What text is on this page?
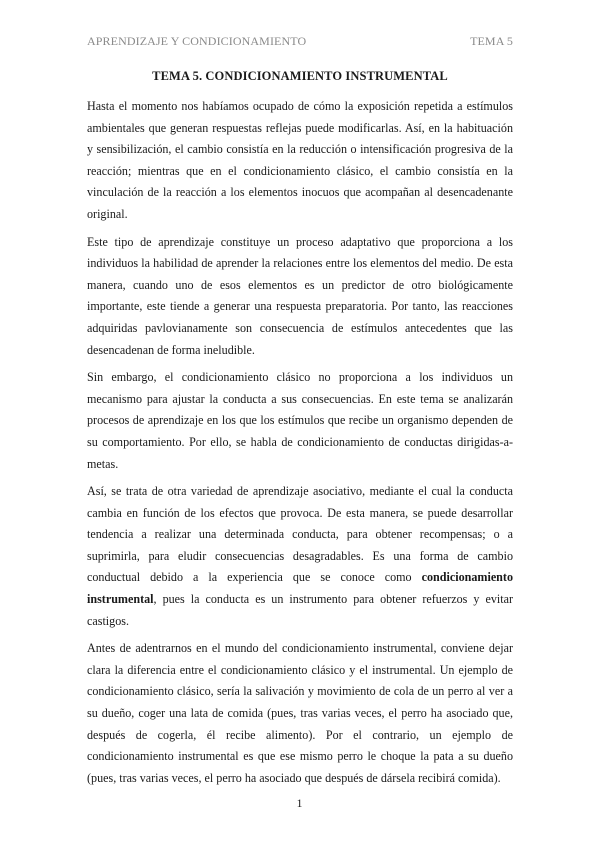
APRENDIZAJE Y CONDICIONAMIENTO	TEMA 5
TEMA 5. CONDICIONAMIENTO INSTRUMENTAL

Hasta el momento nos habíamos ocupado de cómo la exposición repetida a estímulos ambientales que generan respuestas reflejas puede modificarlas. Así, en la habituación y sensibilización, el cambio consistía en la reducción o intensificación progresiva de la reacción; mientras que en el condicionamiento clásico, el cambio consistía en la vinculación de la reacción a los elementos inocuos que acompañan al desencadenante original.

Este tipo de aprendizaje constituye un proceso adaptativo que proporciona a los individuos la habilidad de aprender la relaciones entre los elementos del medio. De esta manera, cuando uno de esos elementos es un predictor de otro biológicamente importante, este tiende a generar una respuesta preparatoria. Por tanto, las reacciones adquiridas pavlovianamente son consecuencia de estímulos antecedentes que las desencadenan de forma ineludible.

Sin embargo, el condicionamiento clásico no proporciona a los individuos un mecanismo para ajustar la conducta a sus consecuencias. En este tema se analizarán procesos de aprendizaje en los que los estímulos que recibe un organismo dependen de su comportamiento. Por ello, se habla de condicionamiento de conductas dirigidas-a-metas.

Así, se trata de otra variedad de aprendizaje asociativo, mediante el cual la conducta cambia en función de los efectos que provoca. De esta manera, se puede desarrollar tendencia a realizar una determinada conducta, para obtener recompensas; o a suprimirla, para eludir consecuencias desagradables. Es una forma de cambio conductual debido a la experiencia que se conoce como condicionamiento instrumental, pues la conducta es un instrumento para obtener refuerzos y evitar castigos.

Antes de adentrarnos en el mundo del condicionamiento instrumental, conviene dejar clara la diferencia entre el condicionamiento clásico y el instrumental. Un ejemplo de condicionamiento clásico, sería la salivación y movimiento de cola de un perro al ver a su dueño, coger una lata de comida (pues, tras varias veces, el perro ha asociado que, después de cogerla, él recibe alimento). Por el contrario, un ejemplo de condicionamiento instrumental es que ese mismo perro le choque la pata a su dueño (pues, tras varias veces, el perro ha asociado que después de dársela recibirá comida).

1
